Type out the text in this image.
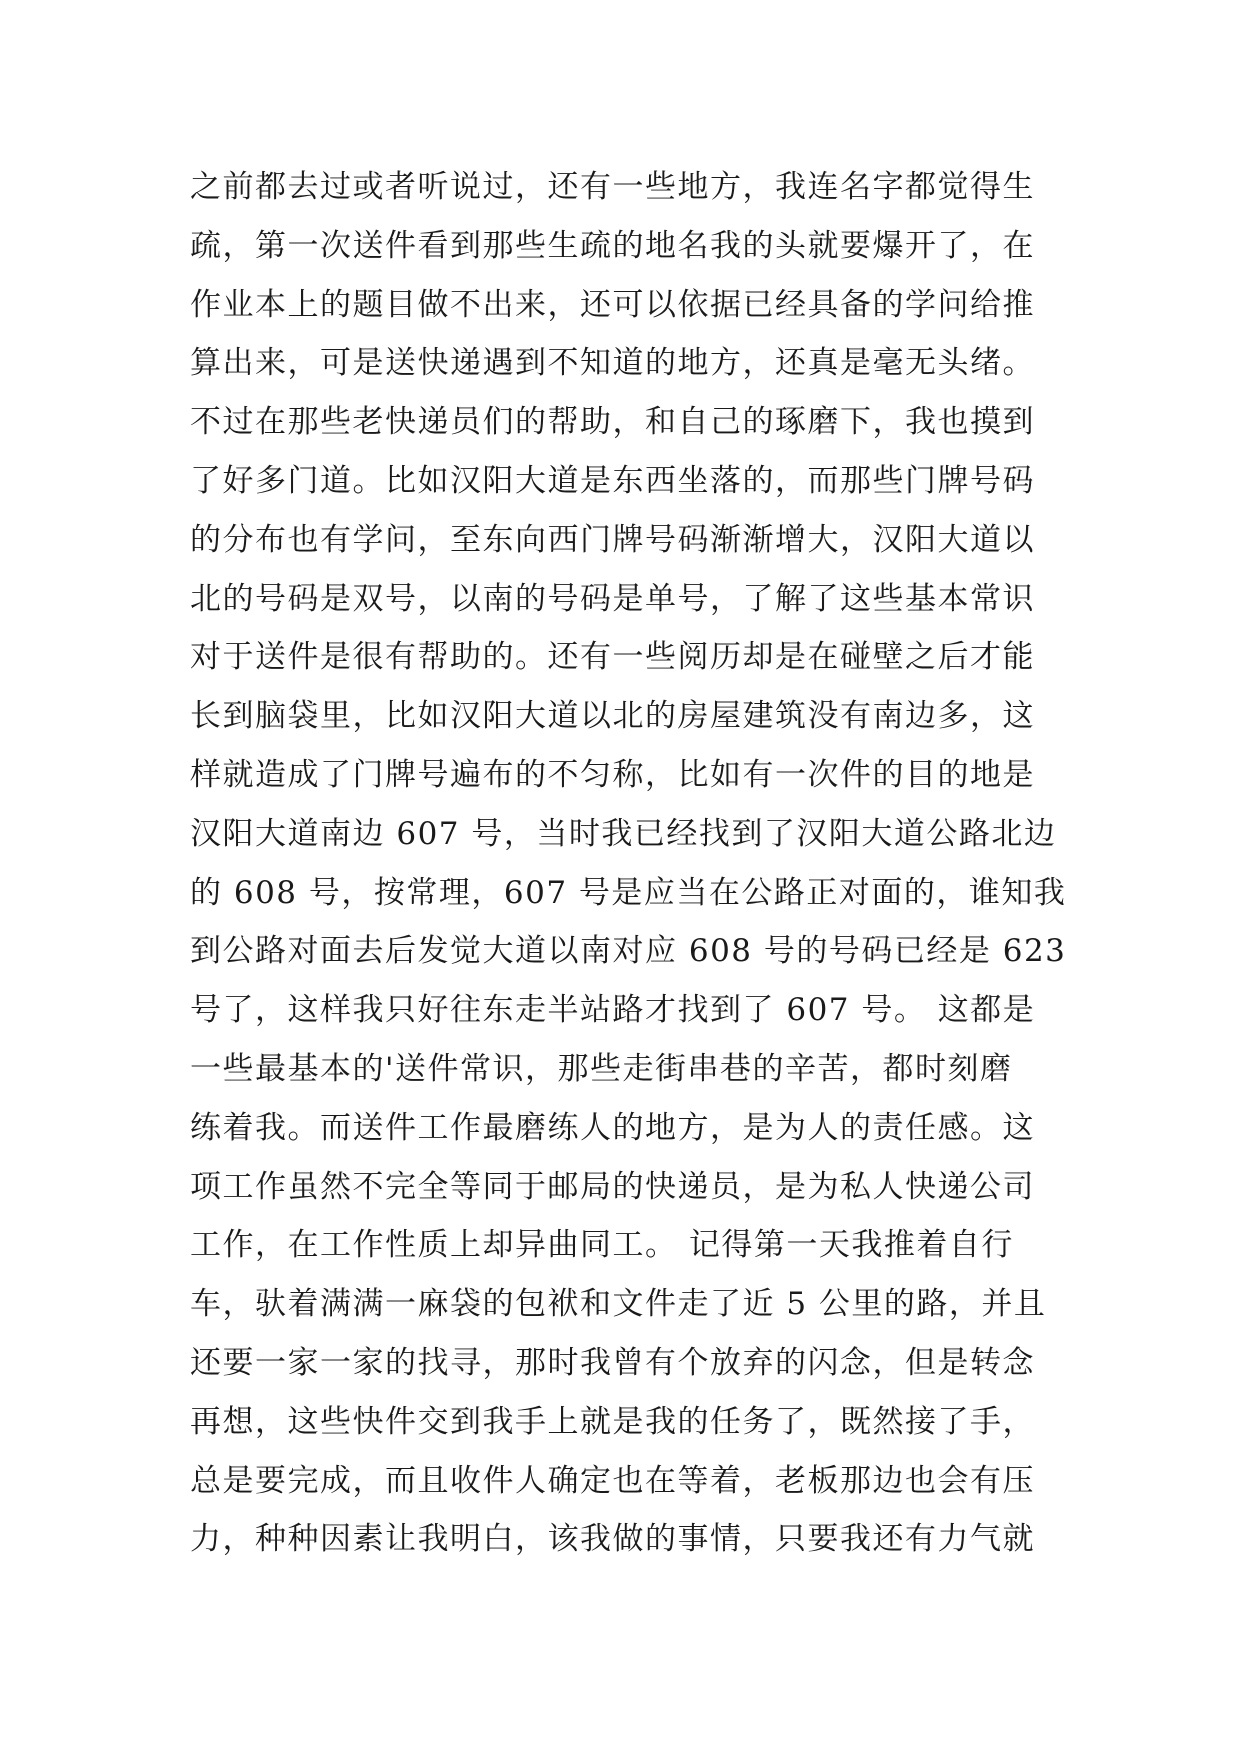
之前都去过或者听说过，还有一些地方，我连名字都觉得生
疏，第一次送件看到那些生疏的地名我的头就要爆开了，在
作业本上的题目做不出来，还可以依据已经具备的学问给推
算出来，可是送快递遇到不知道的地方，还真是毫无头绪。
不过在那些老快递员们的帮助，和自己的琢磨下，我也摸到
了好多门道。比如汉阳大道是东西坐落的，而那些门牌号码
的分布也有学问，至东向西门牌号码渐渐增大，汉阳大道以
北的号码是双号，以南的号码是单号，了解了这些基本常识
对于送件是很有帮助的。还有一些阅历却是在碰壁之后才能
长到脑袋里，比如汉阳大道以北的房屋建筑没有南边多，这
样就造成了门牌号遍布的不匀称，比如有一次件的目的地是
汉阳大道南边 607 号，当时我已经找到了汉阳大道公路北边
的 608 号，按常理，607 号是应当在公路正对面的，谁知我
到公路对面去后发觉大道以南对应 608 号的号码已经是 623
号了，这样我只好往东走半站路才找到了 607 号。 这都是
一些最基本的'送件常识，那些走街串巷的辛苦，都时刻磨
练着我。而送件工作最磨练人的地方，是为人的责任感。这
项工作虽然不完全等同于邮局的快递员，是为私人快递公司
工作，在工作性质上却异曲同工。 记得第一天我推着自行
车，驮着满满一麻袋的包袱和文件走了近 5 公里的路，并且
还要一家一家的找寻，那时我曾有个放弃的闪念，但是转念
再想，这些快件交到我手上就是我的任务了，既然接了手，
总是要完成，而且收件人确定也在等着，老板那边也会有压
力，种种因素让我明白，该我做的事情，只要我还有力气就
